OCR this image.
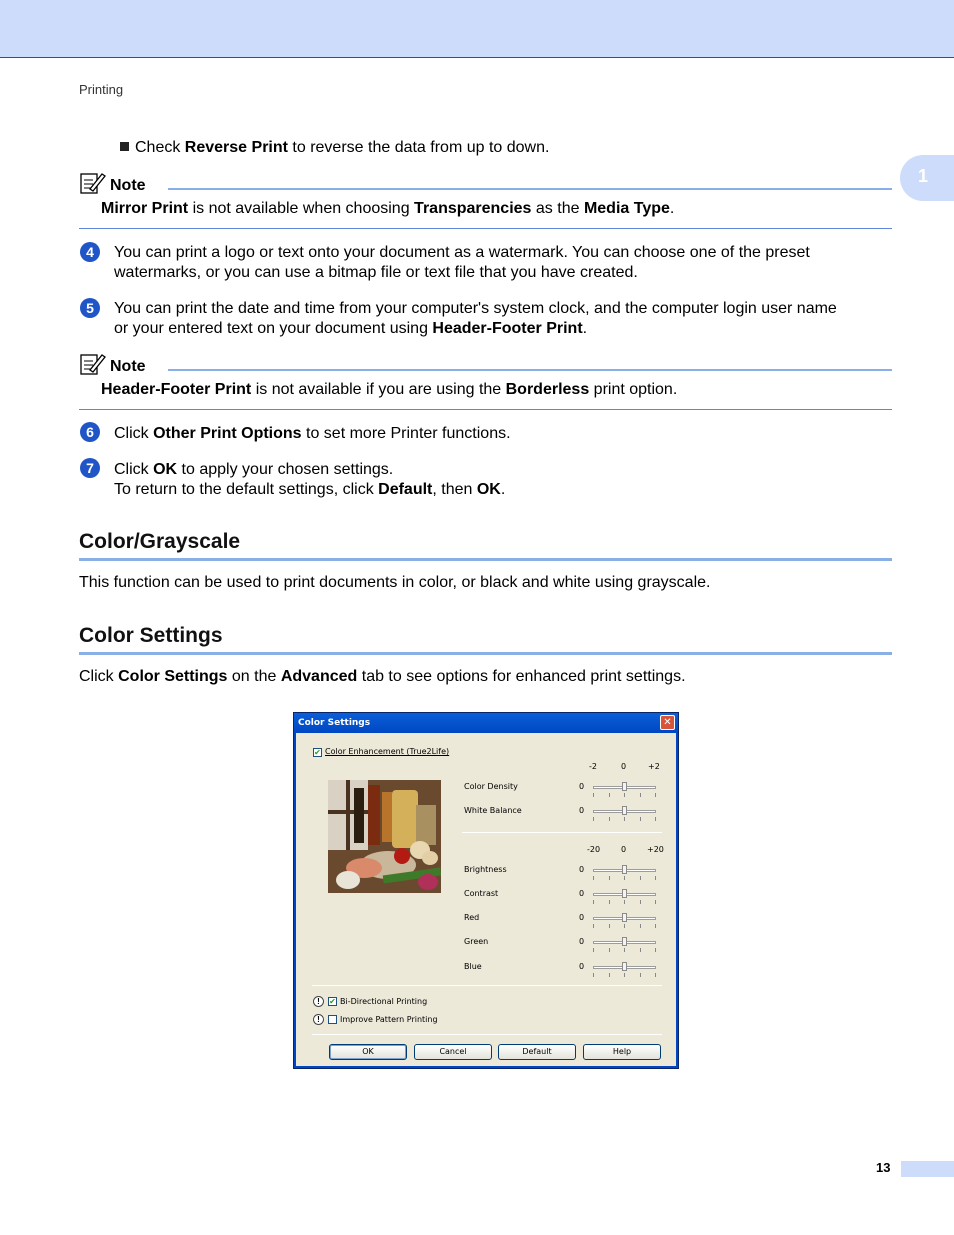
Printing
1
Check Reverse Print to reverse the data from up to down.
Note
Mirror Print is not available when choosing Transparencies as the Media Type.
4	You can print a logo or text onto your document as a watermark. You can choose one of the preset
watermarks, or you can use a bitmap file or text file that you have created.
5	You can print the date and time from your computer's system clock, and the computer login user name
or your entered text on your document using Header-Footer Print.
Note
Header-Footer Print is not available if you are using the Borderless print option.
6	Click Other Print Options to set more Printer functions.
7	Click OK to apply your chosen settings.
To return to the default settings, click Default, then OK.
Color/Grayscale
This function can be used to print documents in color, or black and white using grayscale.
Color Settings
Click Color Settings on the Advanced tab to see options for enhanced print settings.
Color Settings	✕
✔ Color Enhancement (True2Life)
-2	0	+2
Color Density	0
White Balance	0
-20	0	+20
Brightness	0
Contrast	0
Red	0
Green	0
Blue	0
!	✔ Bi-Directional Printing
!	Improve Pattern Printing
OK	Cancel	Default	Help
13
